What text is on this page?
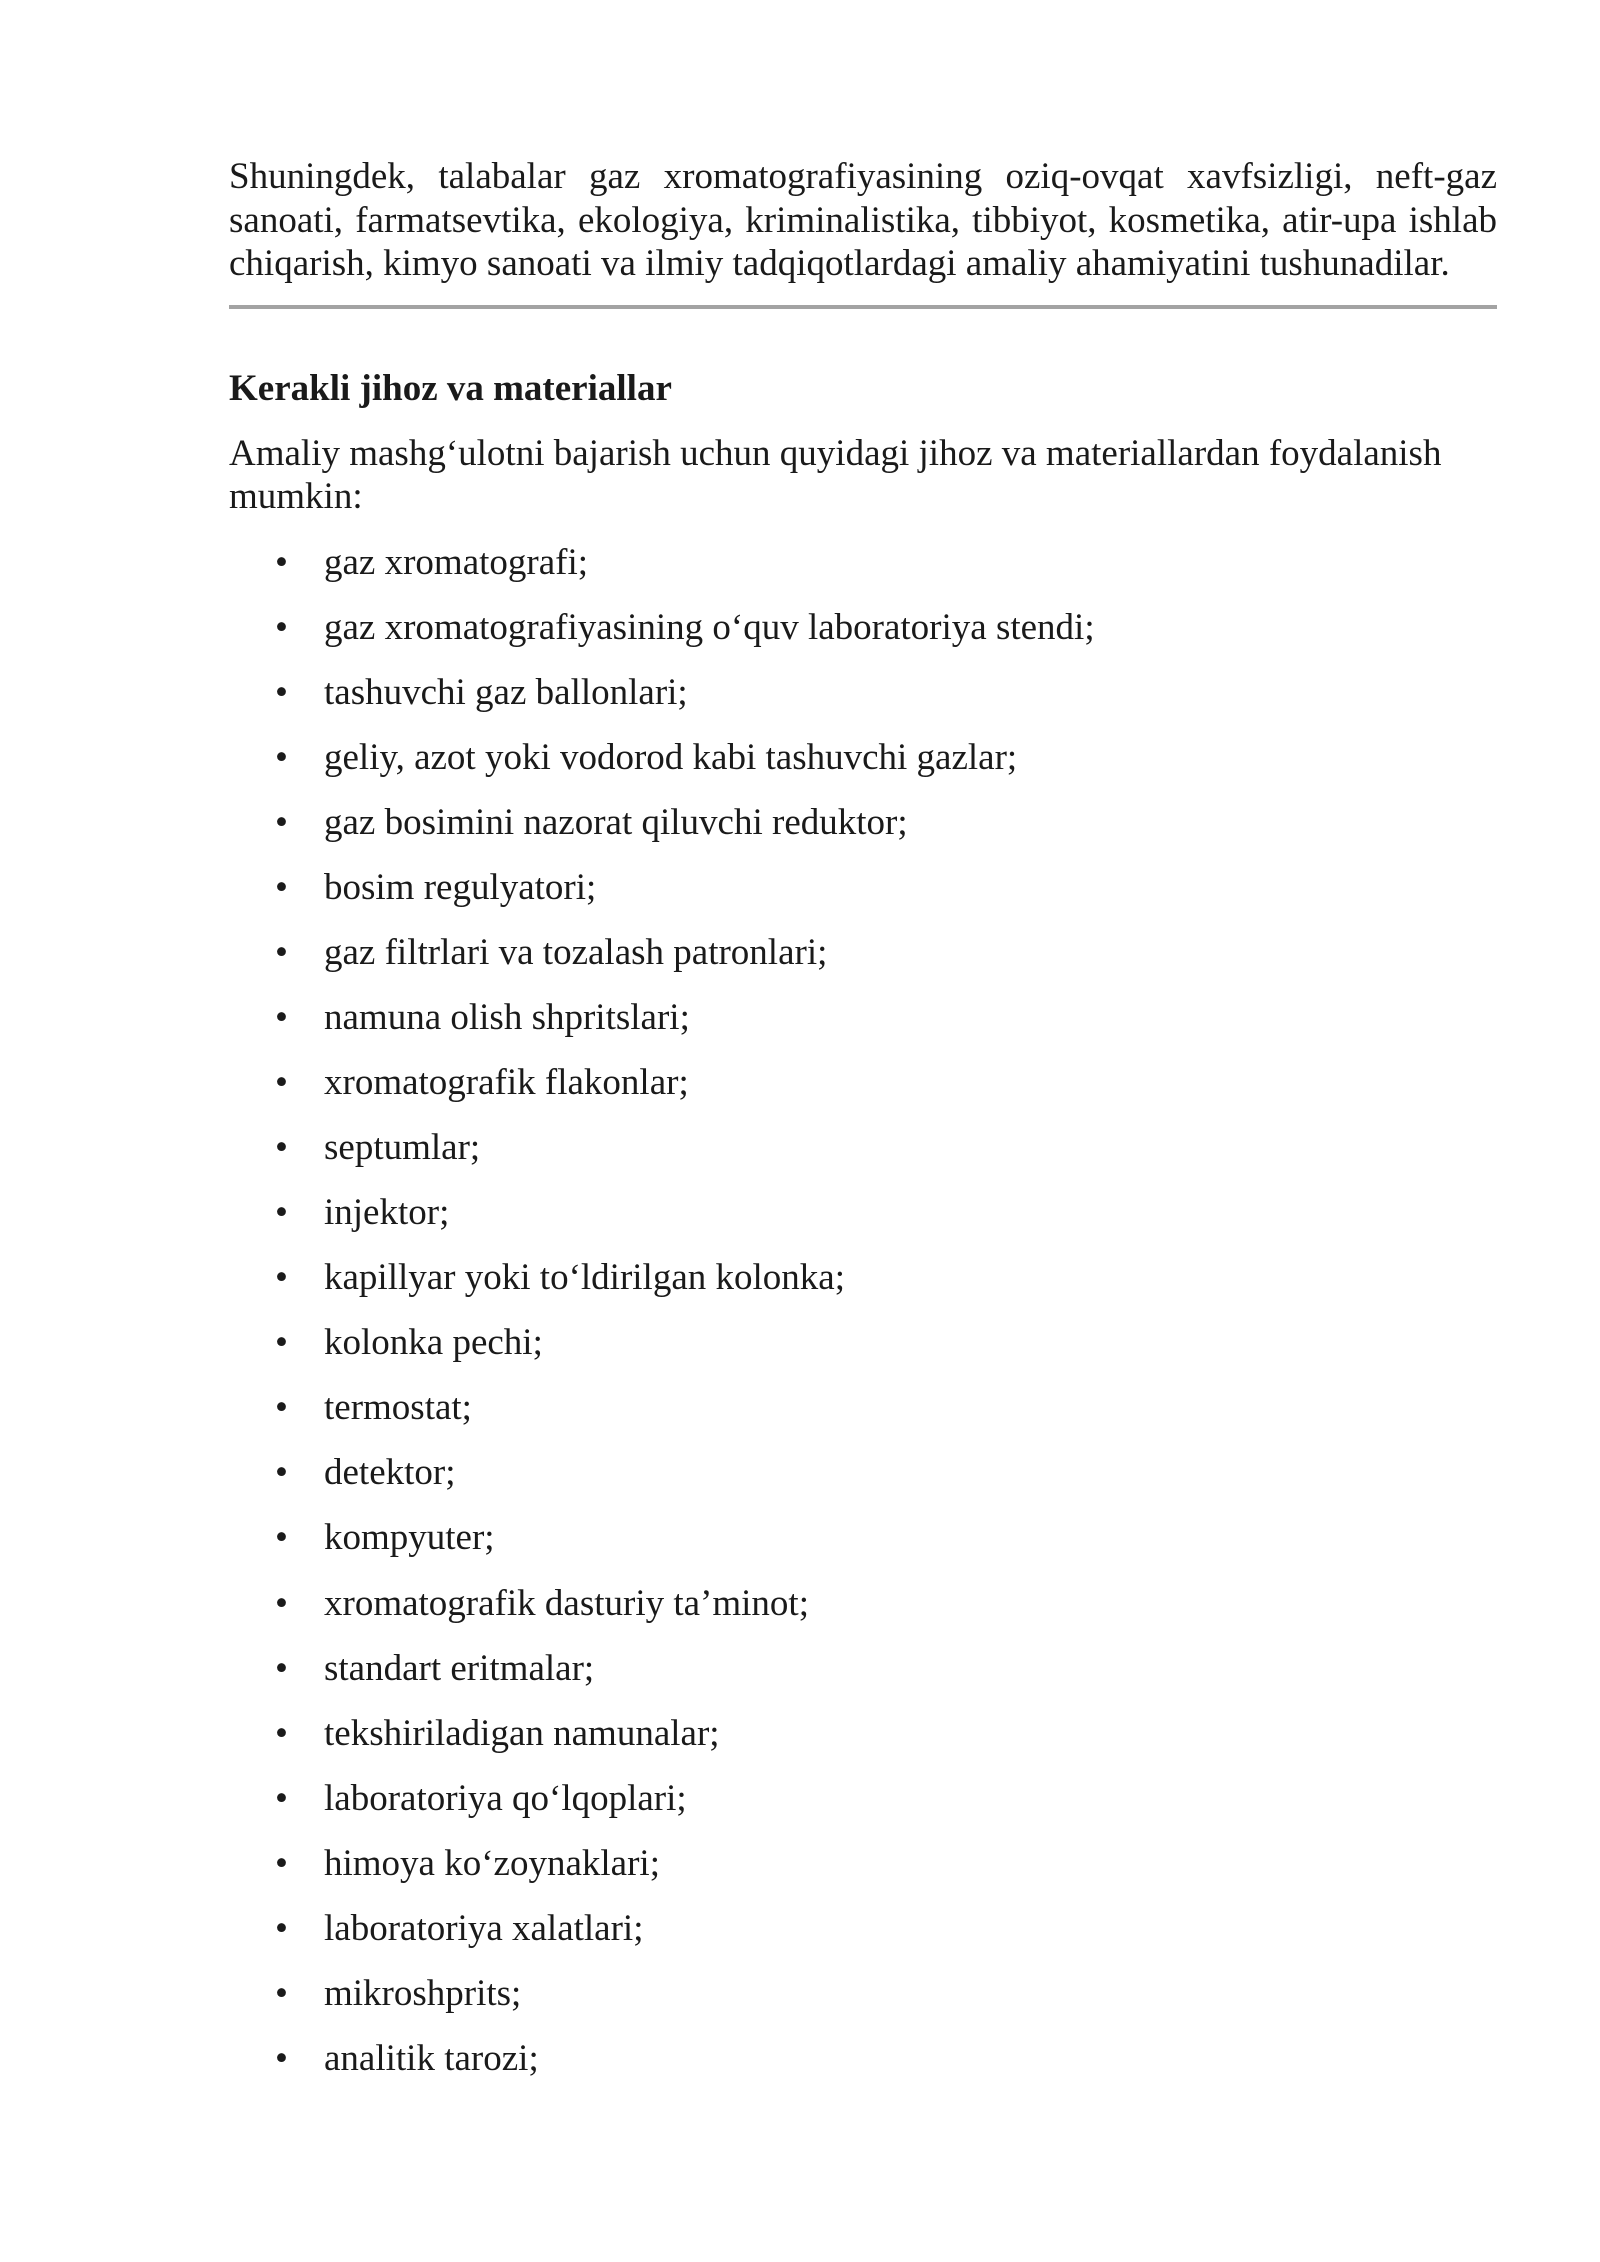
Shuningdek, talabalar gaz xromatografiyasining oziq-ovqat xavfsizligi, neft-gaz sanoati, farmatsevtika, ekologiya, kriminalistika, tibbiyot, kosmetika, atir-upa ishlab chiqarish, kimyo sanoati va ilmiy tadqiqotlardagi amaliy ahamiyatini tushunadilar.

Kerakli jihoz va materiallar

Amaliy mashg‘ulotni bajarish uchun quyidagi jihoz va materiallardan foydalanish mumkin:

• gaz xromatografi;
• gaz xromatografiyasining o‘quv laboratoriya stendi;
• tashuvchi gaz ballonlari;
• geliy, azot yoki vodorod kabi tashuvchi gazlar;
• gaz bosimini nazorat qiluvchi reduktor;
• bosim regulyatori;
• gaz filtrlari va tozalash patronlari;
• namuna olish shpritslari;
• xromatografik flakonlar;
• septumlar;
• injektor;
• kapillyar yoki to‘ldirilgan kolonka;
• kolonka pechi;
• termostat;
• detektor;
• kompyuter;
• xromatografik dasturiy ta’minot;
• standart eritmalar;
• tekshiriladigan namunalar;
• laboratoriya qo‘lqoplari;
• himoya ko‘zoynaklari;
• laboratoriya xalatlari;
• mikroshprits;
• analitik tarozi;
